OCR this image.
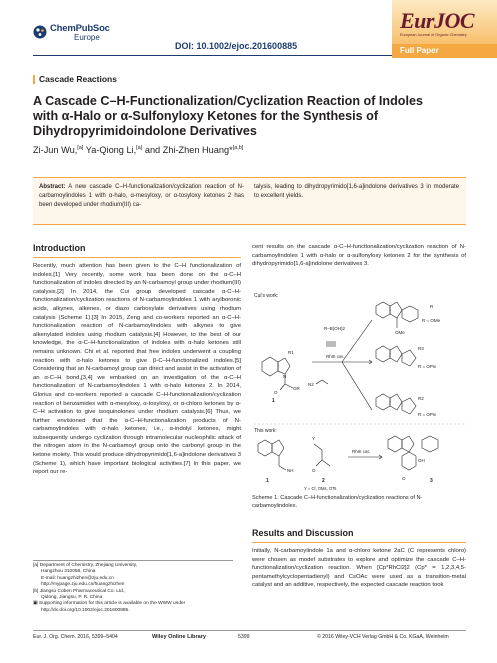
ChemPubSoc
Europe
DOI: 10.1002/ejoc.201600885
EurJOC
European Journal of Organic Chemistry
Full Paper
Cascade Reactions
A Cascade C–H-Functionalization/Cyclization Reaction of Indoles
with α-Halo or α-Sulfonyloxy Ketones for the Synthesis of
Dihydropyrimidoindolone Derivatives
Zi-Jun Wu,[a] Ya-Qiong Li,[a] and Zhi-Zhen Huang*[a,b]
Abstract: A new cascade C–H-functionalization/cyclization reaction of N-carbamoylindoles 1 with α-halo, α-mesyloxy, or α-tosyloxy ketones 2 has been developed under rhodium(III) ca-
talysis, leading to dihydropyrimido[1,6-a]indolone derivatives 3 in moderate to excellent yields.
Introduction
Recently, much attention has been given to the C–H functionalization of indoles.[1] Very recently, some work has been done on the α-C–H functionalization of indoles directed by an N-carbamoyl group under rhodium(III) catalysis.[2] In 2014, the Cui group developed cascade α-C–H-functionalization/cyclization reactions of N-carbamoylindoles 1 with arylboronic acids, alkynes, alkenes, or diazo carboxylate derivatives using rhodium catalysis (Scheme 1).[3] In 2015, Zeng and co-workers reported an α-C–H-functionalization reaction of N-carbamoylindoles with alkynes to give alkenylated indoles using rhodium catalysis.[4] However, to the best of our knowledge, the α-C–H-functionalization of indoles with α-halo ketones still remains unknown. Chi et al. reported that free indoles underwent a coupling reaction with α-halo ketones to give β-C–H-functionalized indoles.[5] Considering that an N-carbamoyl group can direct and assist in the activation of an α-C–H bond,[3,4] we embarked on an investigation of the α-C–H functionalization of N-carbamoylindoles 1 with α-halo ketones 2. In 2014, Glorius and co-workers reported a cascade C–H-functionalization/cyclization reaction of benzamides with α-mesyloxy, α-tosyloxy, or α-chloro ketones by α-C–H activation to give isoquinolones under rhodium catalysis.[6] Thus, we further envisioned that the α-C–H-functionalization products of N-carbamoylindoles with α-halo ketones, i.e., α-indolyl ketones, might subsequently undergo cyclization through intramolecular nucleophilic attack of the nitrogen atom in the N-carbamoyl group onto the carbonyl group in the ketone moiety. This would produce dihydropyrimido[1,6-a]indolone derivatives 3 (Scheme 1), which have important biological activities.[7] In this paper, we report our re-
cent results on the cascade α-C–H-functionalization/cyclization reaction of N-carbamoylindoles 1 with α-halo or α-sulfonyloxy ketones 2 for the synthesis of dihydropyrimido[1,6-a]indolone derivatives 3.
Cui's work:
R1
OR
N
O
1
RhIII cat.
R–B(OH)2
N2
R
OMe
R = OMe
R3
R = OPiv
R2
R = OPiv
This work:
NH
1
Y
O
2
Y = Cl, OMs, OTs
RhIII cat.
OH
O	3
Scheme 1. Cascade C–H-functionalization/cyclization reactions of N-carbamoylindoles.
Results and Discussion
Initially, N-carbamoylindole 1a and α-chloro ketone 2aC (C represents chloro) were chosen as model substrates to explore and optimize the cascade C–H-functionalization/cyclization reaction. When [Cp*RhCl2]2 (Cp* = 1,2,3,4,5-pentamethylcyclopentadienyl) and CsOAc were used as a transition-metal catalyst and an additive, respectively, the expected cascade reaction took
[a] Department of Chemistry, Zhejiang University,
Hangzhou 310058, China
E-mail: huangzhizhen@zju.edu.cn
http://mypage.zju.edu.cn/huangzhizhen
[b] Jiangsu Coben Pharmaceutical Co. Ltd.,
Qidong, Jiangsu, P. R. China
▣ Supporting information for this article is available on the WWW under
http://dx.doi.org/10.1002/ejoc.201600885.
Eur. J. Org. Chem. 2016, 5399–5404	Wiley Online Library	5399	© 2016 Wiley-VCH Verlag GmbH & Co. KGaA, Weinheim
